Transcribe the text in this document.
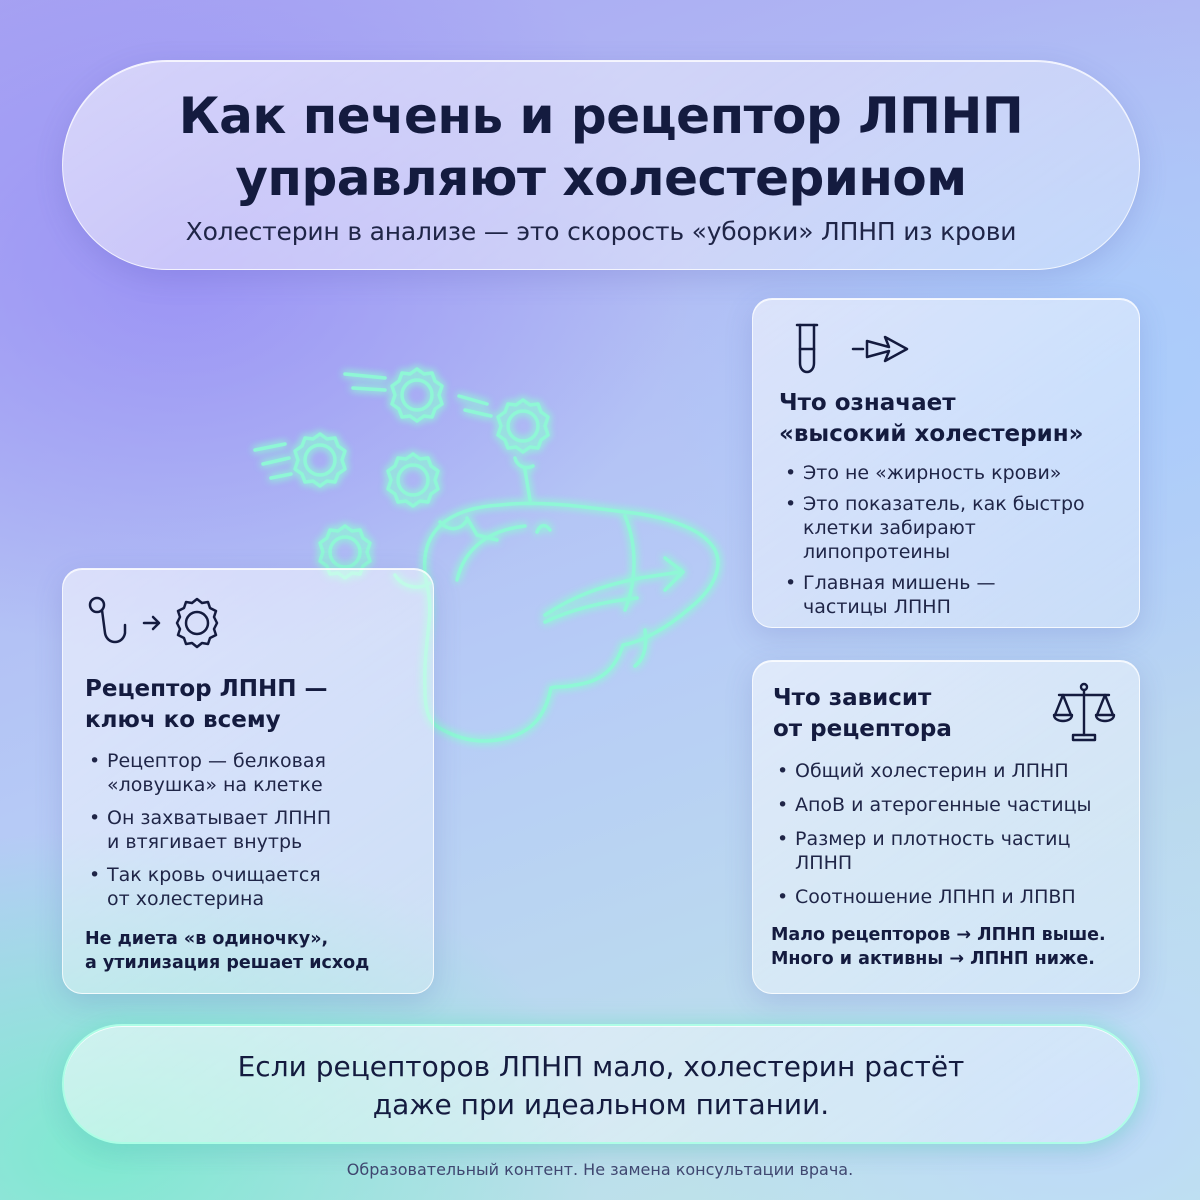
Как печень и рецептор ЛПНП
управляют холестерином
Холестерин в анализе — это скорость «уборки» ЛПНП из крови
Рецептор ЛПНП —
ключ ко всему
• Рецептор — белковая
«ловушка» на клетке
• Он захватывает ЛПНП
и втягивает внутрь
• Так кровь очищается
от холестерина
Не диета «в одиночку»,
а утилизация решает исход
Что означает
«высокий холестерин»
• Это не «жирность крови»
• Это показатель, как быстро
клетки забирают
липопротеины
• Главная мишень —
частицы ЛПНП
Что зависит
от рецептора
• Общий холестерин и ЛПНП
• АпоВ и атерогенные частицы
• Размер и плотность частиц
ЛПНП
• Соотношение ЛПНП и ЛПВП
Мало рецепторов → ЛПНП выше.
Много и активны → ЛПНП ниже.
Если рецепторов ЛПНП мало, холестерин растёт
даже при идеальном питании.
Образовательный контент. Не замена консультации врача.
